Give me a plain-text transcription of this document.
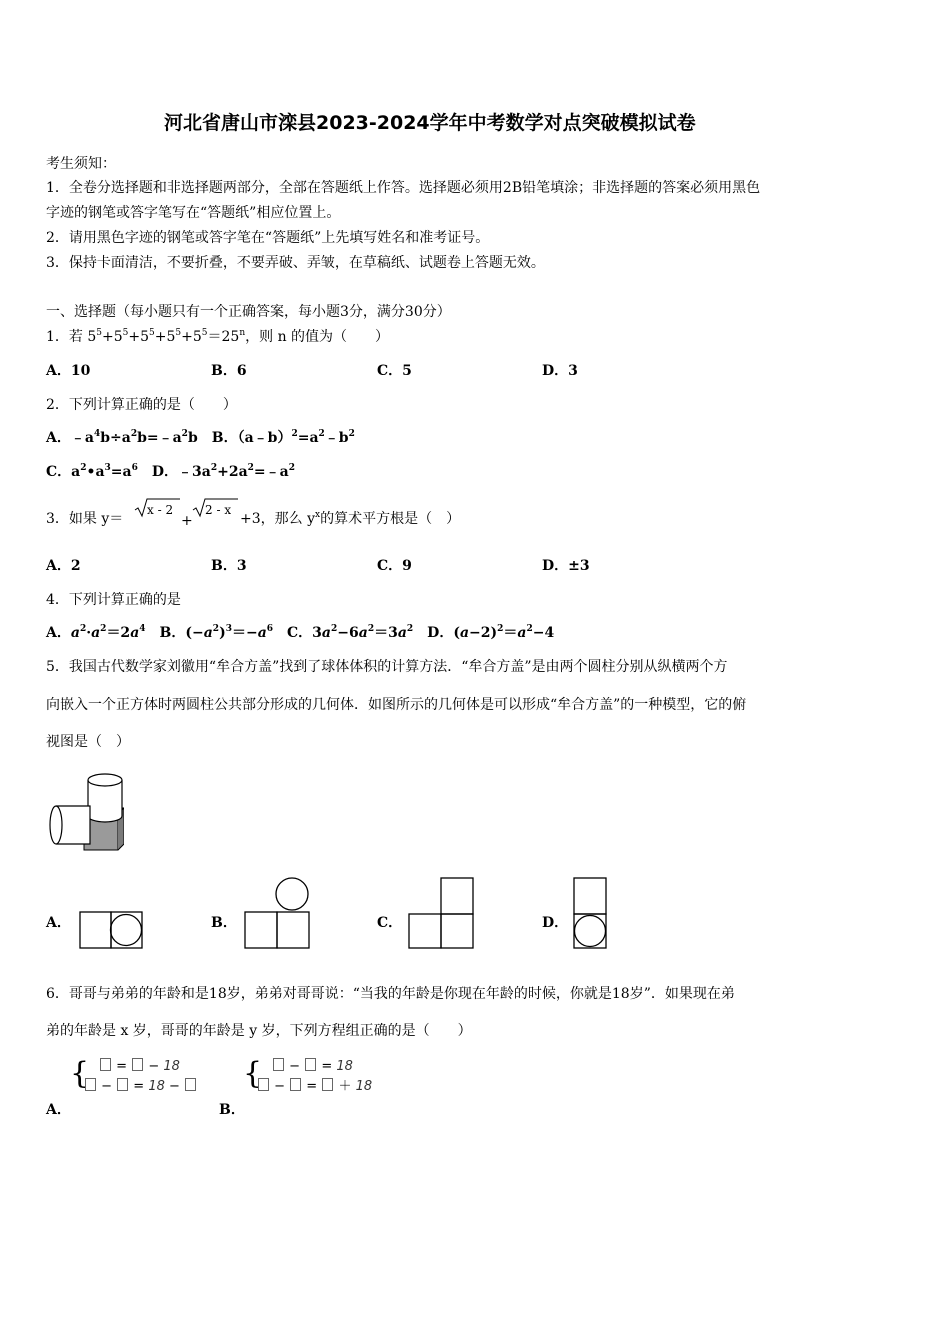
河北省唐山市滦县2023-2024学年中考数学对点突破模拟试卷
考生须知：
1．全卷分选择题和非选择题两部分，全部在答题纸上作答。选择题必须用2B铅笔填涂；非选择题的答案必须用黑色
字迹的钢笔或答字笔写在“答题纸”相应位置上。
2．请用黑色字迹的钢笔或答字笔在“答题纸”上先填写姓名和准考证号。
3．保持卡面清洁，不要折叠，不要弄破、弄皱，在草稿纸、试题卷上答题无效。
一、选择题（每小题只有一个正确答案，每小题3分，满分30分）
1．若 $5^5+5^5+5^5+5^5+5^5=25^n$，则 n 的值为（　　）
A．10	B．6	C．5	D．3
2．下列计算正确的是（　　）
A．$﹣a^4b\div a^2b=﹣a^2b$　B．$(a﹣b)^2=a^2﹣b^2$
C．$a^2•a^3=a^6$　 D．$﹣3a^2+2a^2=﹣a^2$
3．如果 y＝
x - 2
+
2 - x
+3，那么 $y^x$的算术平方根是（　）
A．2	B．3	C．9	D．±3
4．下列计算正确的是
A．$a^2\cdot a^2=2a^4$　B．$(-a^2)^3=-a^6$　C．$3a^2-6a^2=3a^2$　D．$(a-2)^2=a^2-4$
5．我国古代数学家刘徽用“牟合方盖”找到了球体体积的计算方法．“牟合方盖”是由两个圆柱分别从纵横两个方
向嵌入一个正方体时两圆柱公共部分形成的几何体．如图所示的几何体是可以形成“牟合方盖”的一种模型，它的俯
视图是（　）
A．	B．	C．	D．
6．哥哥与弟弟的年龄和是18岁，弟弟对哥哥说：“当我的年龄是你现在年龄的时候，你就是18岁”．如果现在弟
弟的年龄是 x 岁，哥哥的年龄是 y 岁，下列方程组正确的是（　　）
{
　	=  − 18
−  = 18 −
A．
{
　	−  = 18
−  =  ＋ 18
B．
